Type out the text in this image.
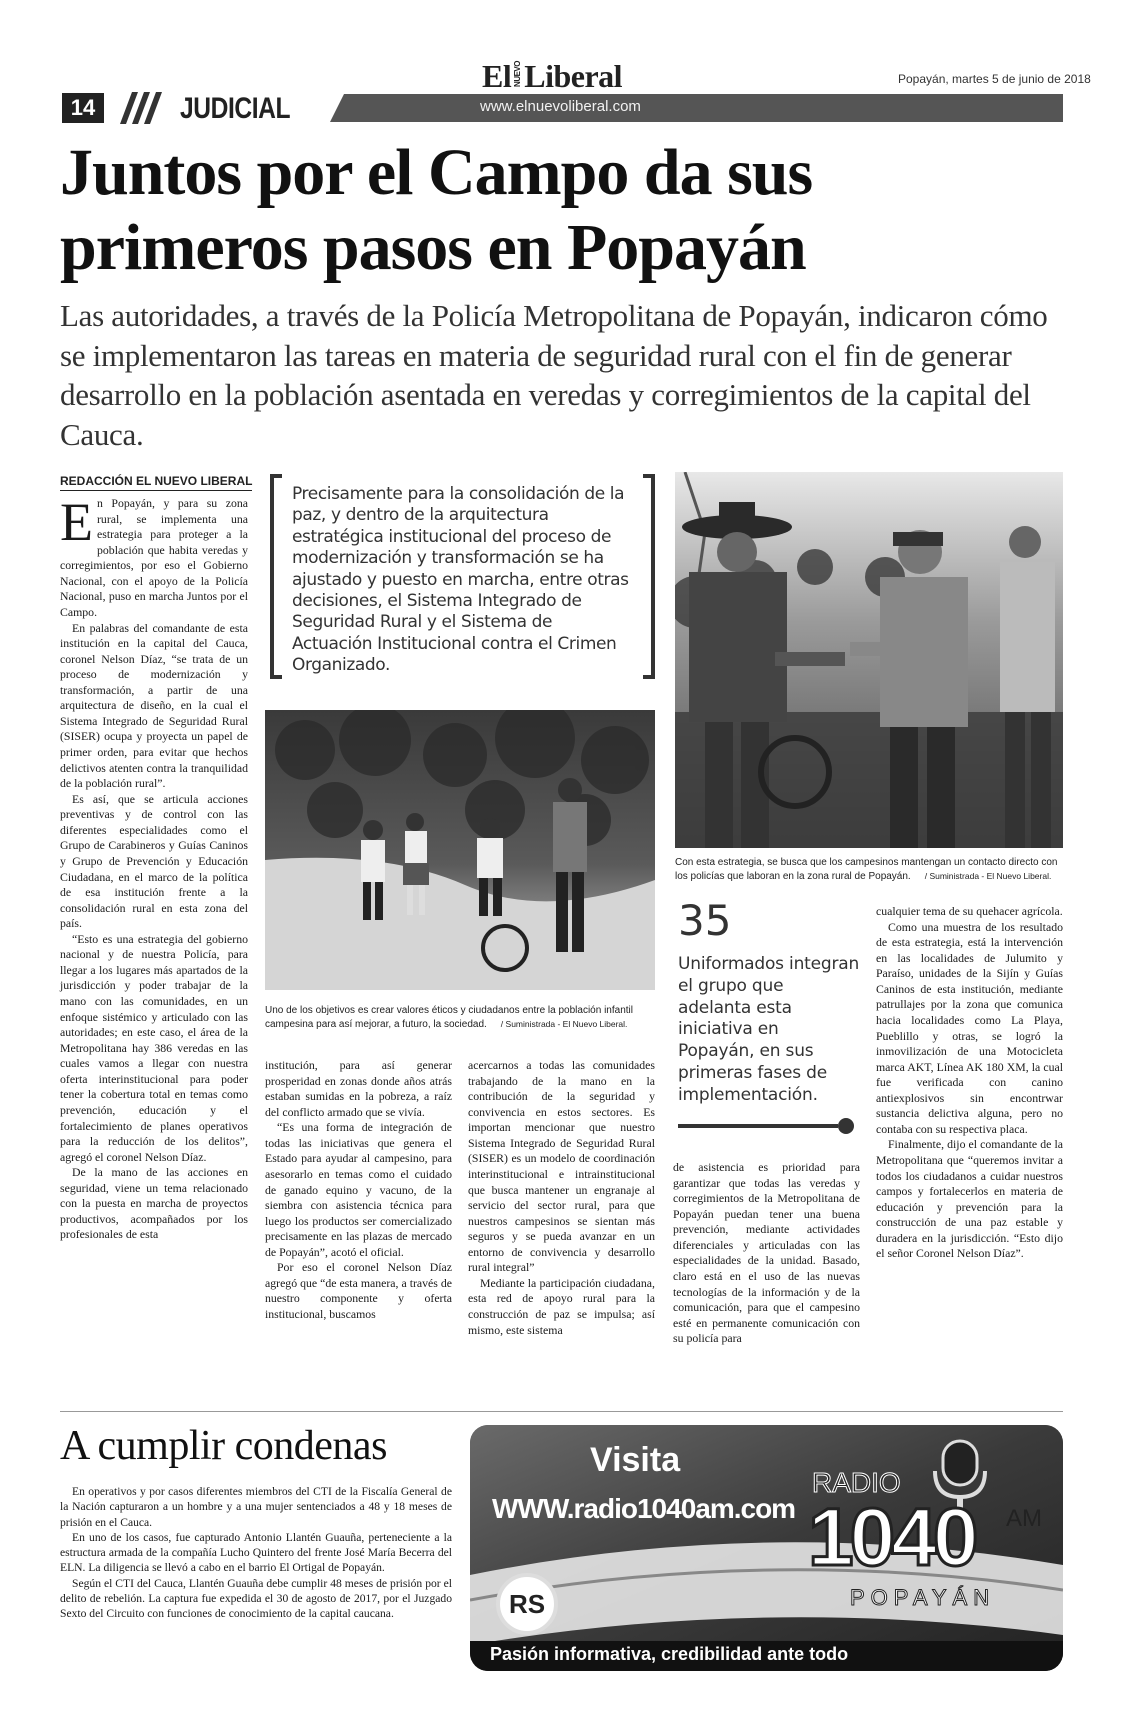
14	JUDICIAL	www.elnuevoliberal.com
El NUEVOLiberal	Popayán, martes 5 de junio de 2018
Juntos por el Campo da sus primeros pasos en Popayán
Las autoridades, a través de la Policía Metropolitana de Popayán, indicaron cómo se implementaron las tareas en materia de seguridad rural con el fin de generar desarrollo en la población asentada en veredas y corregimientos de la capital del Cauca.
REDACCIÓN EL NUEVO LIBERAL

En Popayán, y para su zona rural, se implementa una estrategia para proteger a la población que habita veredas y corregimientos, por eso el Gobierno Nacional, con el apoyo de la Policía Nacional, puso en marcha Juntos por el Campo.

En palabras del comandante de esta institución en la capital del Cauca, coronel Nelson Díaz, “se trata de un proceso de modernización y transformación, a partir de una arquitectura de diseño, en la cual el Sistema Integrado de Seguridad Rural (SISER) ocupa y proyecta un papel de primer orden, para evitar que hechos delictivos atenten contra la tranquilidad de la población rural”.

Es así, que se articula acciones preventivas y de control con las diferentes especialidades como el Grupo de Carabineros y Guías Caninos y Grupo de Prevención y Educación Ciudadana, en el marco de la política de esa institución frente a la consolidación rural en esta zona del país.

“Esto es una estrategia del gobierno nacional y de nuestra Policía, para llegar a los lugares más apartados de la jurisdicción y poder trabajar de la mano con las comunidades, en un enfoque sistémico y articulado con las autoridades; en este caso, el área de la Metropolitana hay 386 veredas en las cuales vamos a llegar con nuestra oferta interinstitucional para poder tener la cobertura total en temas como prevención, educación y el fortalecimiento de planes operativos para la reducción de los delitos”, agregó el coronel Nelson Díaz.

De la mano de las acciones en seguridad, viene un tema relacionado con la puesta en marcha de proyectos productivos, acompañados por los profesionales de esta

Precisamente para la consolidación de la paz, y dentro de la arquitectura estratégica institucional del proceso de modernización y transformación se ha ajustado y puesto en marcha, entre otras decisiones, el Sistema Integrado de Seguridad Rural y el Sistema de Actuación Institucional contra el Crimen Organizado.
Uno de los objetivos es crear valores éticos y ciudadanos entre la población infantil campesina para así mejorar, a futuro, la sociedad. / Suministrada - El Nuevo Liberal.
Con esta estrategia, se busca que los campesinos mantengan un contacto directo con los policías que laboran en la zona rural de Popayán. / Suministrada - El Nuevo Liberal.
35
Uniformados integran el grupo que adelanta esta iniciativa en Popayán, en sus primeras fases de implementación.

institución, para así generar prosperidad en zonas donde años atrás estaban sumidas en la pobreza, a raíz del conflicto armado que se vivía.

“Es una forma de integración de todas las iniciativas que genera el Estado para ayudar al campesino, para asesorarlo en temas como el cuidado de ganado equino y vacuno, de la siembra con asistencia técnica para luego los productos ser comercializado precisamente en las plazas de mercado de Popayán”, acotó el oficial.

Por eso el coronel Nelson Díaz agregó que “de esta manera, a través de nuestro componente y oferta institucional, buscamos

acercarnos a todas las comunidades trabajando de la mano en la contribución de la seguridad y convivencia en estos sectores. Es importan mencionar que nuestro Sistema Integrado de Seguridad Rural (SISER) es un modelo de coordinación interinstitucional e intrainstitucional que busca mantener un engranaje al servicio del sector rural, para que nuestros campesinos se sientan más seguros y se pueda avanzar en un entorno de convivencia y desarrollo rural integral”

Mediante la participación ciudadana, esta red de apoyo rural para la construcción de paz se impulsa; así mismo, este sistema

de asistencia es prioridad para garantizar que todas las veredas y corregimientos de la Metropolitana de Popayán puedan tener una buena prevención, mediante actividades diferenciales y articuladas con las especialidades de la unidad. Basado, claro está en el uso de las nuevas tecnologías de la información y de la comunicación, para que el campesino esté en permanente comunicación con su policía para

cualquier tema de su quehacer agrícola.

Como una muestra de los resultado de esta estrategia, está la intervención en las localidades de Julumito y Paraíso, unidades de la Sijín y Guías Caninos de esta institución, mediante patrullajes por la zona que comunica hacia localidades como La Playa, Pueblillo y otras, se logró la inmovilización de una Motocicleta marca AKT, Línea AK 180 XM, la cual fue verificada con canino antiexplosivos sin encontrwar sustancia delictiva alguna, pero no contaba con su respectiva placa.

Finalmente, dijo el comandante de la Metropolitana que “queremos invitar a todos los ciudadanos a cuidar nuestros campos y fortalecerlos en materia de educación y prevención para la construcción de una paz estable y duradera en la jurisdicción. “Esto dijo el señor Coronel Nelson Díaz”.

A cumplir condenas

En operativos y por casos diferentes miembros del CTI de la Fiscalía General de la Nación capturaron a un hombre y a una mujer sentenciados a 48 y 18 meses de prisión en el Cauca.

En uno de los casos, fue capturado Antonio Llantén Guauña, perteneciente a la estructura armada de la compañía Lucho Quintero del frente José María Becerra del ELN. La diligencia se llevó a cabo en el barrio El Ortigal de Popayán.

Según el CTI del Cauca, Llantén Guauña debe cumplir 48 meses de prisión por el delito de rebelión. La captura fue expedida el 30 de agosto de 2017, por el Juzgado Sexto del Circuito con funciones de conocimiento de la capital caucana.

Visita
WWW.radio1040am.com
RADIO
1040 AM
POPAYÁN
RS
Pasión informativa, credibilidad ante todo
